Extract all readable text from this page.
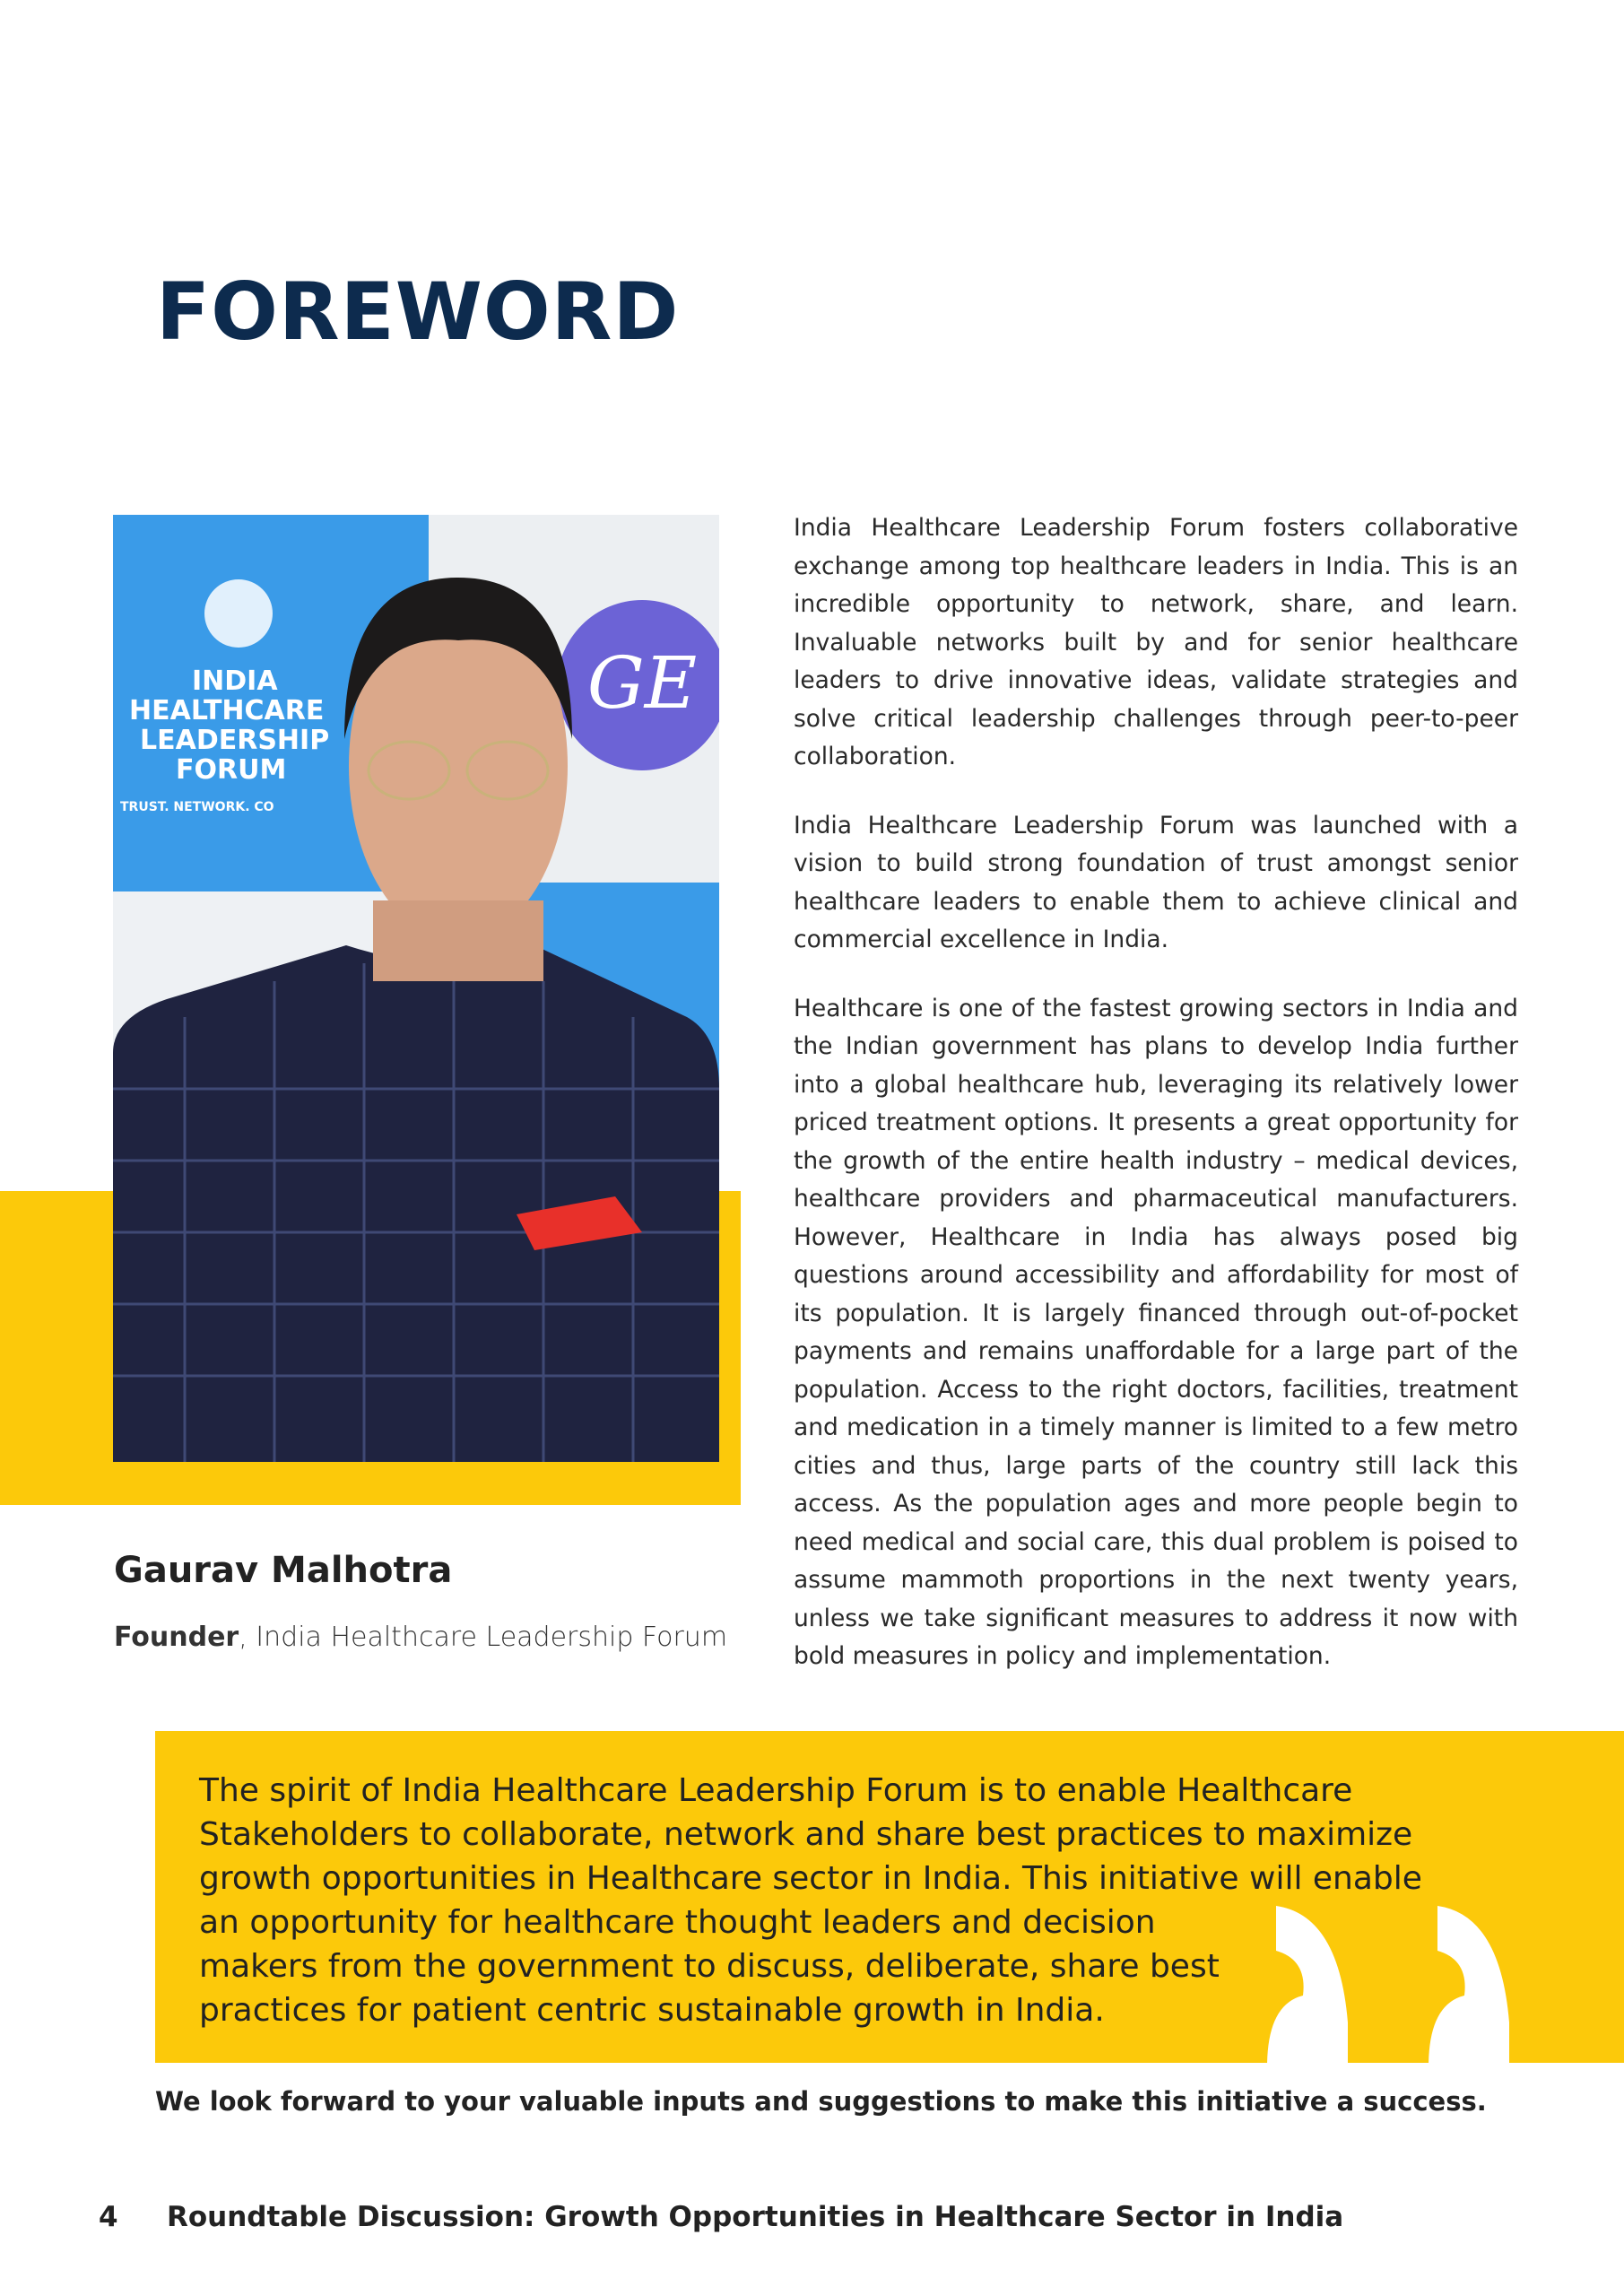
FOREWORD
GE
INDIA
HEALTHCARE
LEADERSHIP
FORUM
TRUST. NETWORK. CO
Gaurav Malhotra
Founder, India Healthcare Leadership Forum

India Healthcare Leadership Forum fosters collaborative exchange among top healthcare leaders in India. This is an incredible opportunity to network, share, and learn. Invaluable networks built by and for senior healthcare leaders to drive innovative ideas, validate strategies and solve critical leadership challenges through peer-to-peer collaboration.

India Healthcare Leadership Forum was launched with a vision to build strong foundation of trust amongst senior healthcare leaders to enable them to achieve clinical and commercial excellence in India.

Healthcare is one of the fastest growing sectors in India and the Indian government has plans to develop India further into a global healthcare hub, leveraging its relatively lower priced treatment options. It presents a great opportunity for the growth of the entire health industry – medical devices, healthcare providers and pharmaceutical manufacturers. However, Healthcare in India has always posed big questions around accessibility and affordability for most of its population. It is largely financed through out-of-pocket payments and remains unaffordable for a large part of the population. Access to the right doctors, facilities, treatment and medication in a timely manner is limited to a few metro cities and thus, large parts of the country still lack this access. As the population ages and more people begin to need medical and social care, this dual problem is poised to assume mammoth proportions in the next twenty years, unless we take significant measures to address it now with bold measures in policy and implementation.

The spirit of India Healthcare Leadership Forum is to enable Healthcare
Stakeholders to collaborate, network and share best practices to maximize
growth opportunities in Healthcare sector in India. This initiative will enable
an opportunity for healthcare thought leaders and decision
makers from the government to discuss, deliberate, share best
practices for patient centric sustainable growth in India.
We look forward to your valuable inputs and suggestions to make this initiative a success.
4 Roundtable Discussion: Growth Opportunities in Healthcare Sector in India
